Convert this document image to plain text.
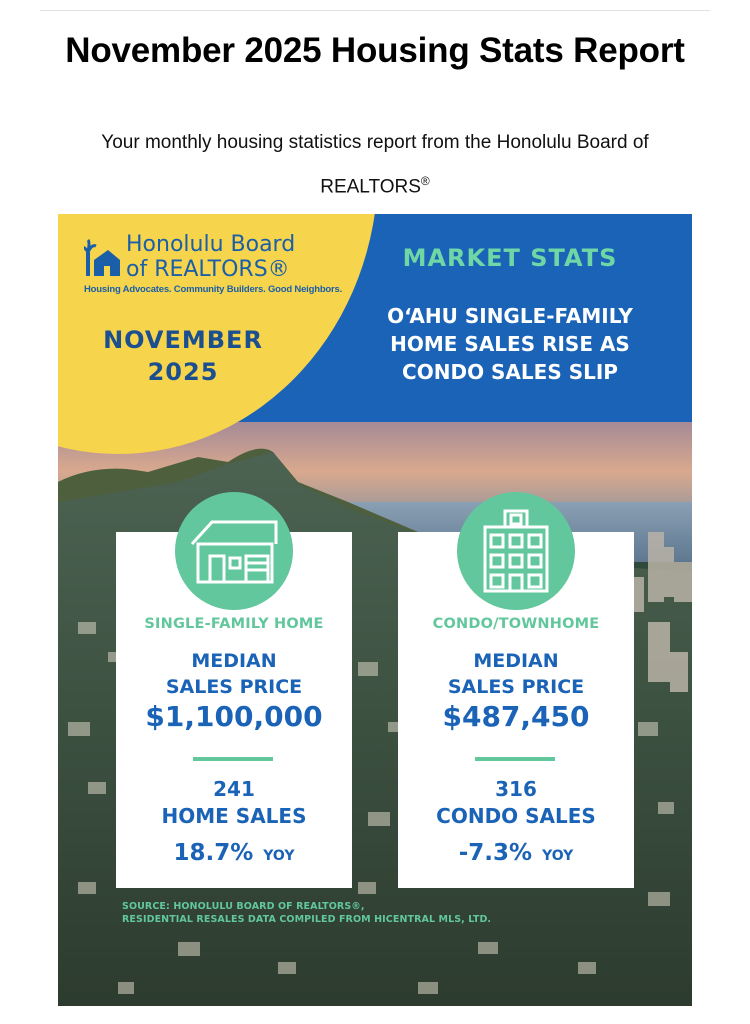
November 2025 Housing Stats Report
Your monthly housing statistics report from the Honolulu Board of
REALTORS®
Honolulu Board
of REALTORS®
Housing Advocates. Community Builders. Good Neighbors.
NOVEMBER
2025
MARKET STATS
OʻAHU SINGLE-FAMILY
HOME SALES RISE AS
CONDO SALES SLIP
SINGLE-FAMILY HOME
MEDIAN
SALES PRICE
$1,100,000
241
HOME SALES
18.7% YOY
CONDO/TOWNHOME
MEDIAN
SALES PRICE
$487,450
316
CONDO SALES
-7.3% YOY
SOURCE: HONOLULU BOARD OF REALTORS®,
RESIDENTIAL RESALES DATA COMPILED FROM HICENTRAL MLS, LTD.
